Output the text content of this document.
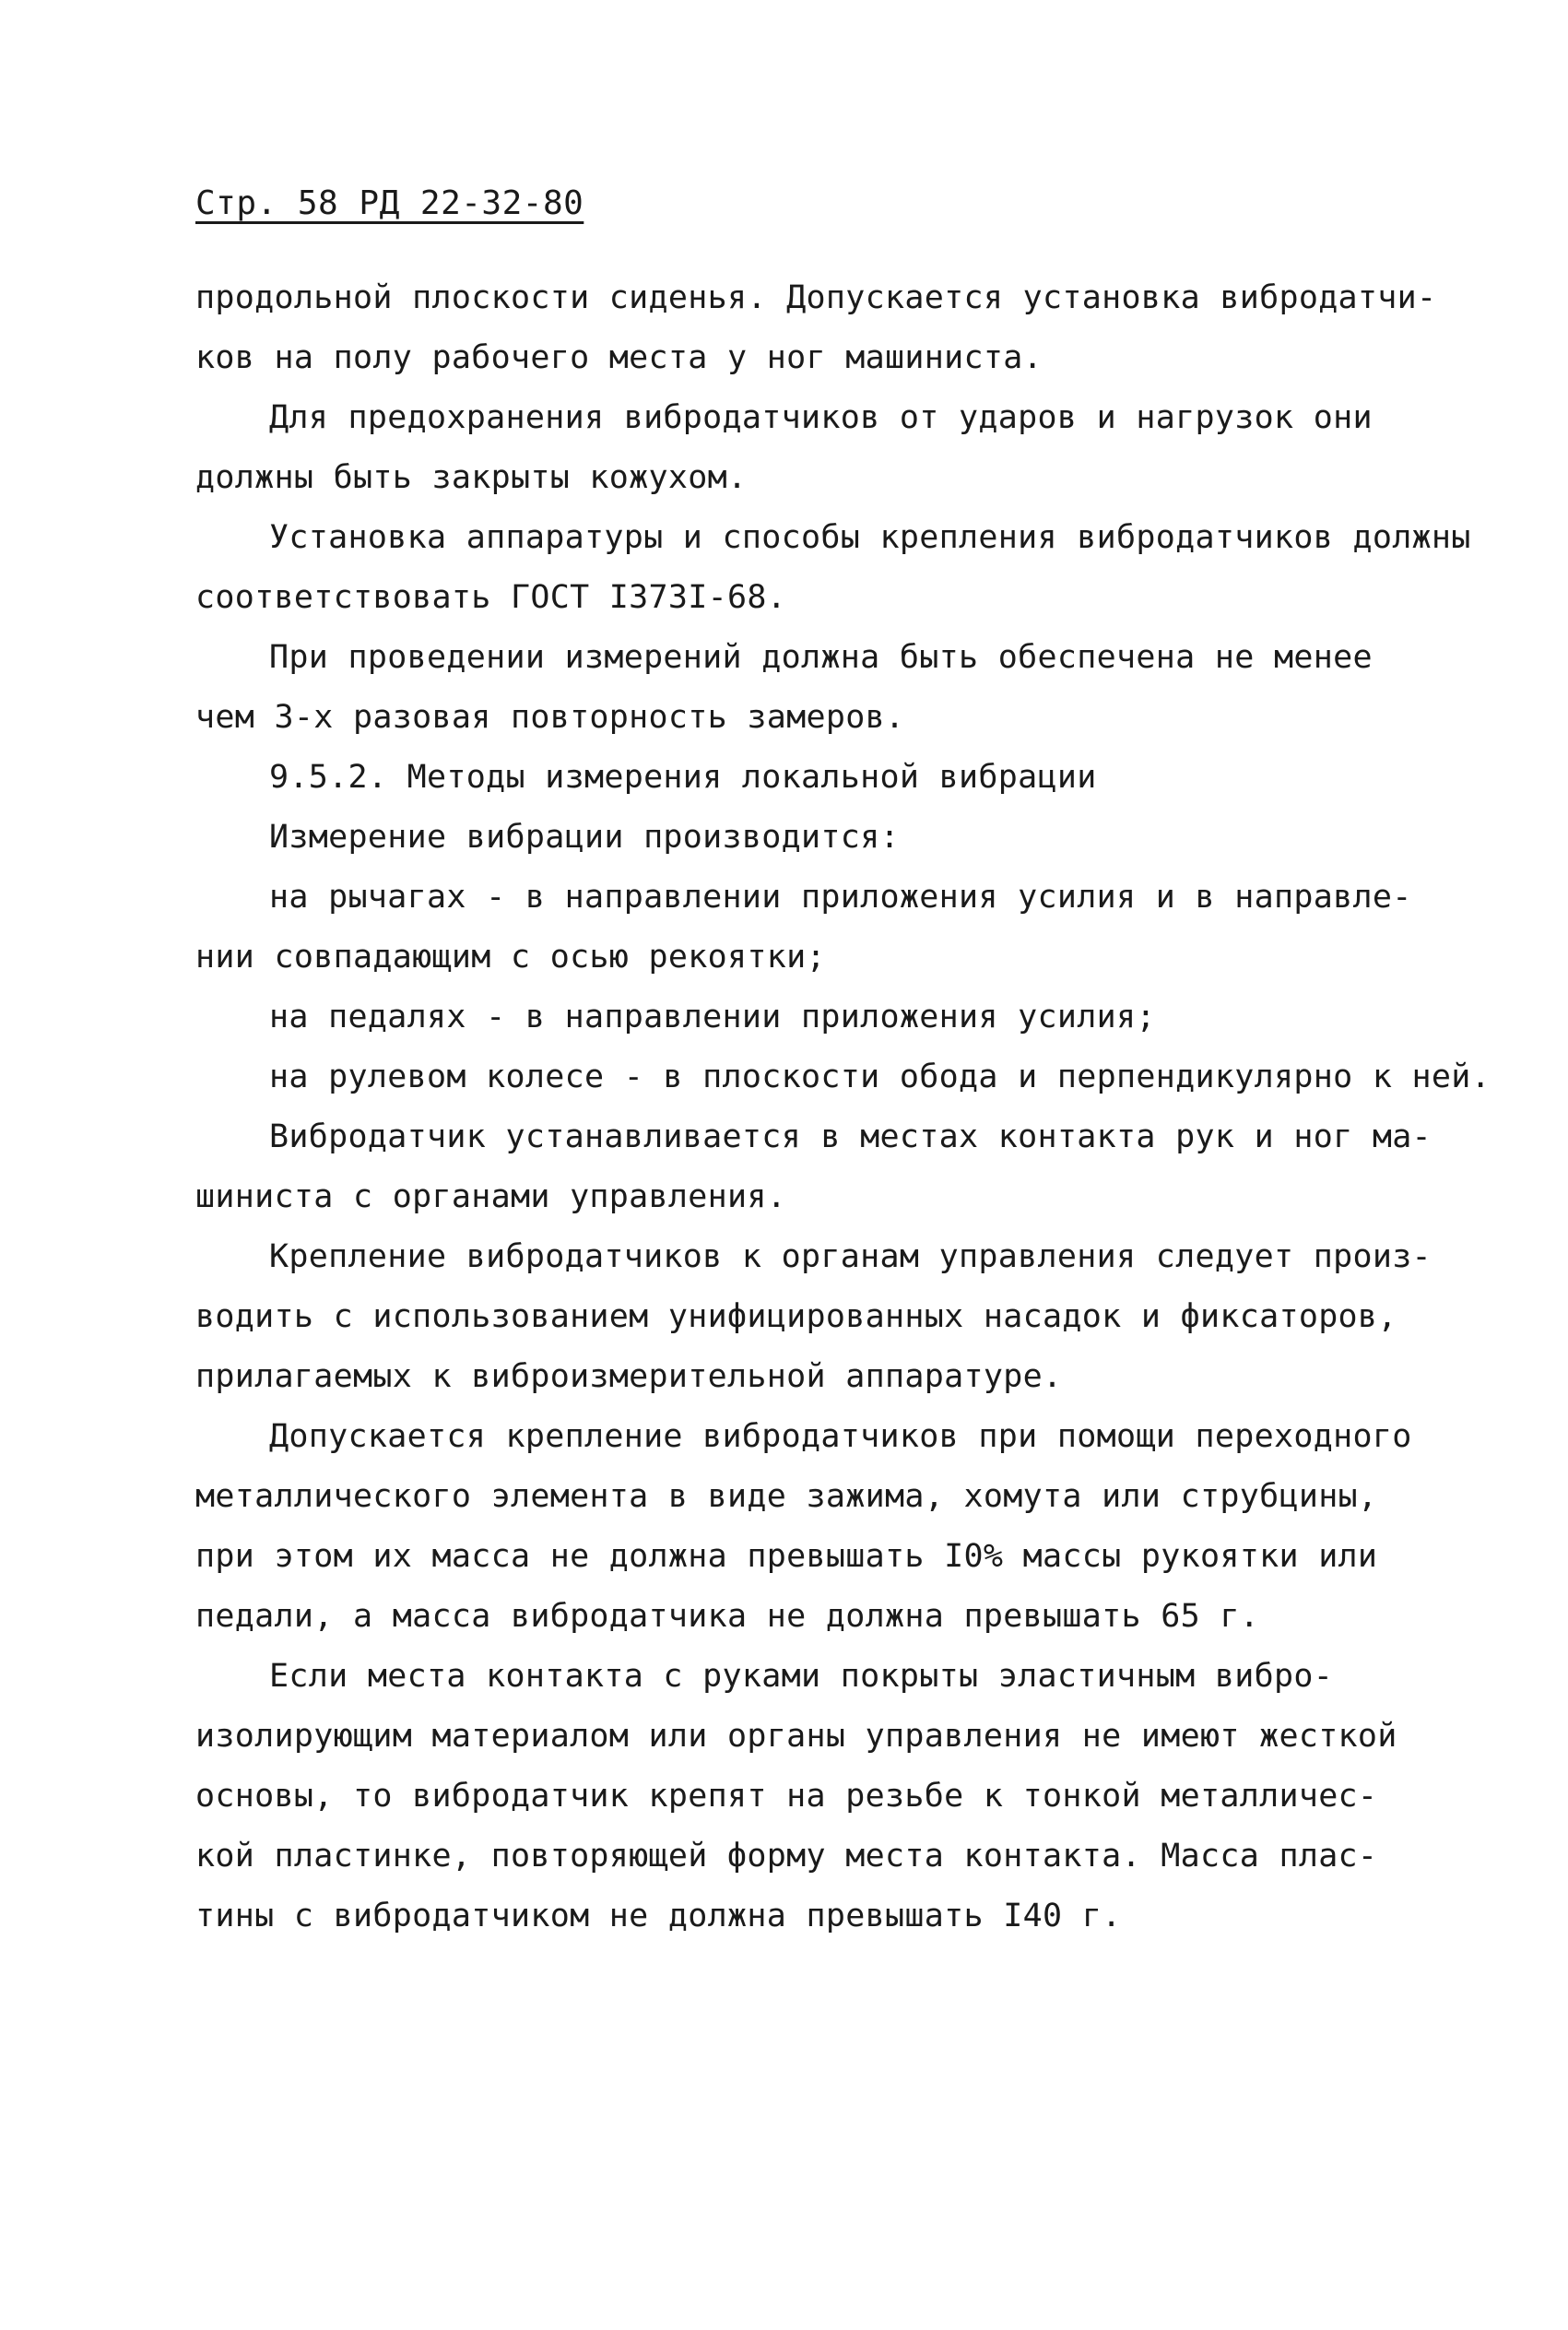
Стр. 58 РД 22-32-80
продольной плоскости сиденья. Допускается установка вибродатчи-
ков на полу рабочего места у ног машиниста.
Для предохранения вибродатчиков от ударов и нагрузок они
должны быть закрыты кожухом.
Установка аппаратуры и способы крепления вибродатчиков должны
соответствовать ГОСТ I373I-68.
При проведении измерений должна быть обеспечена не менее
чем 3-х разовая повторность замеров.
9.5.2. Методы измерения локальной вибрации
Измерение вибрации производится:
на рычагах - в направлении приложения усилия и в направле-
нии совпадающим с осью рекоятки;
на педалях - в направлении приложения усилия;
на рулевом колесе - в плоскости обода и перпендикулярно к ней.
Вибродатчик устанавливается в местах контакта рук и ног ма-
шиниста с органами управления.
Крепление вибродатчиков к органам управления следует произ-
водить с использованием унифицированных насадок и фиксаторов,
прилагаемых к виброизмерительной аппаратуре.
Допускается крепление вибродатчиков при помощи переходного
металлического элемента в виде зажима, хомута или струбцины,
при этом их масса не должна превышать I0% массы рукоятки или
педали, а масса вибродатчика не должна превышать 65 г.
Если места контакта с руками покрыты эластичным вибро-
изолирующим материалом или органы управления не имеют жесткой
основы, то вибродатчик крепят на резьбе к тонкой металличес-
кой пластинке, повторяющей форму места контакта. Масса плас-
тины с вибродатчиком не должна превышать I40 г.
